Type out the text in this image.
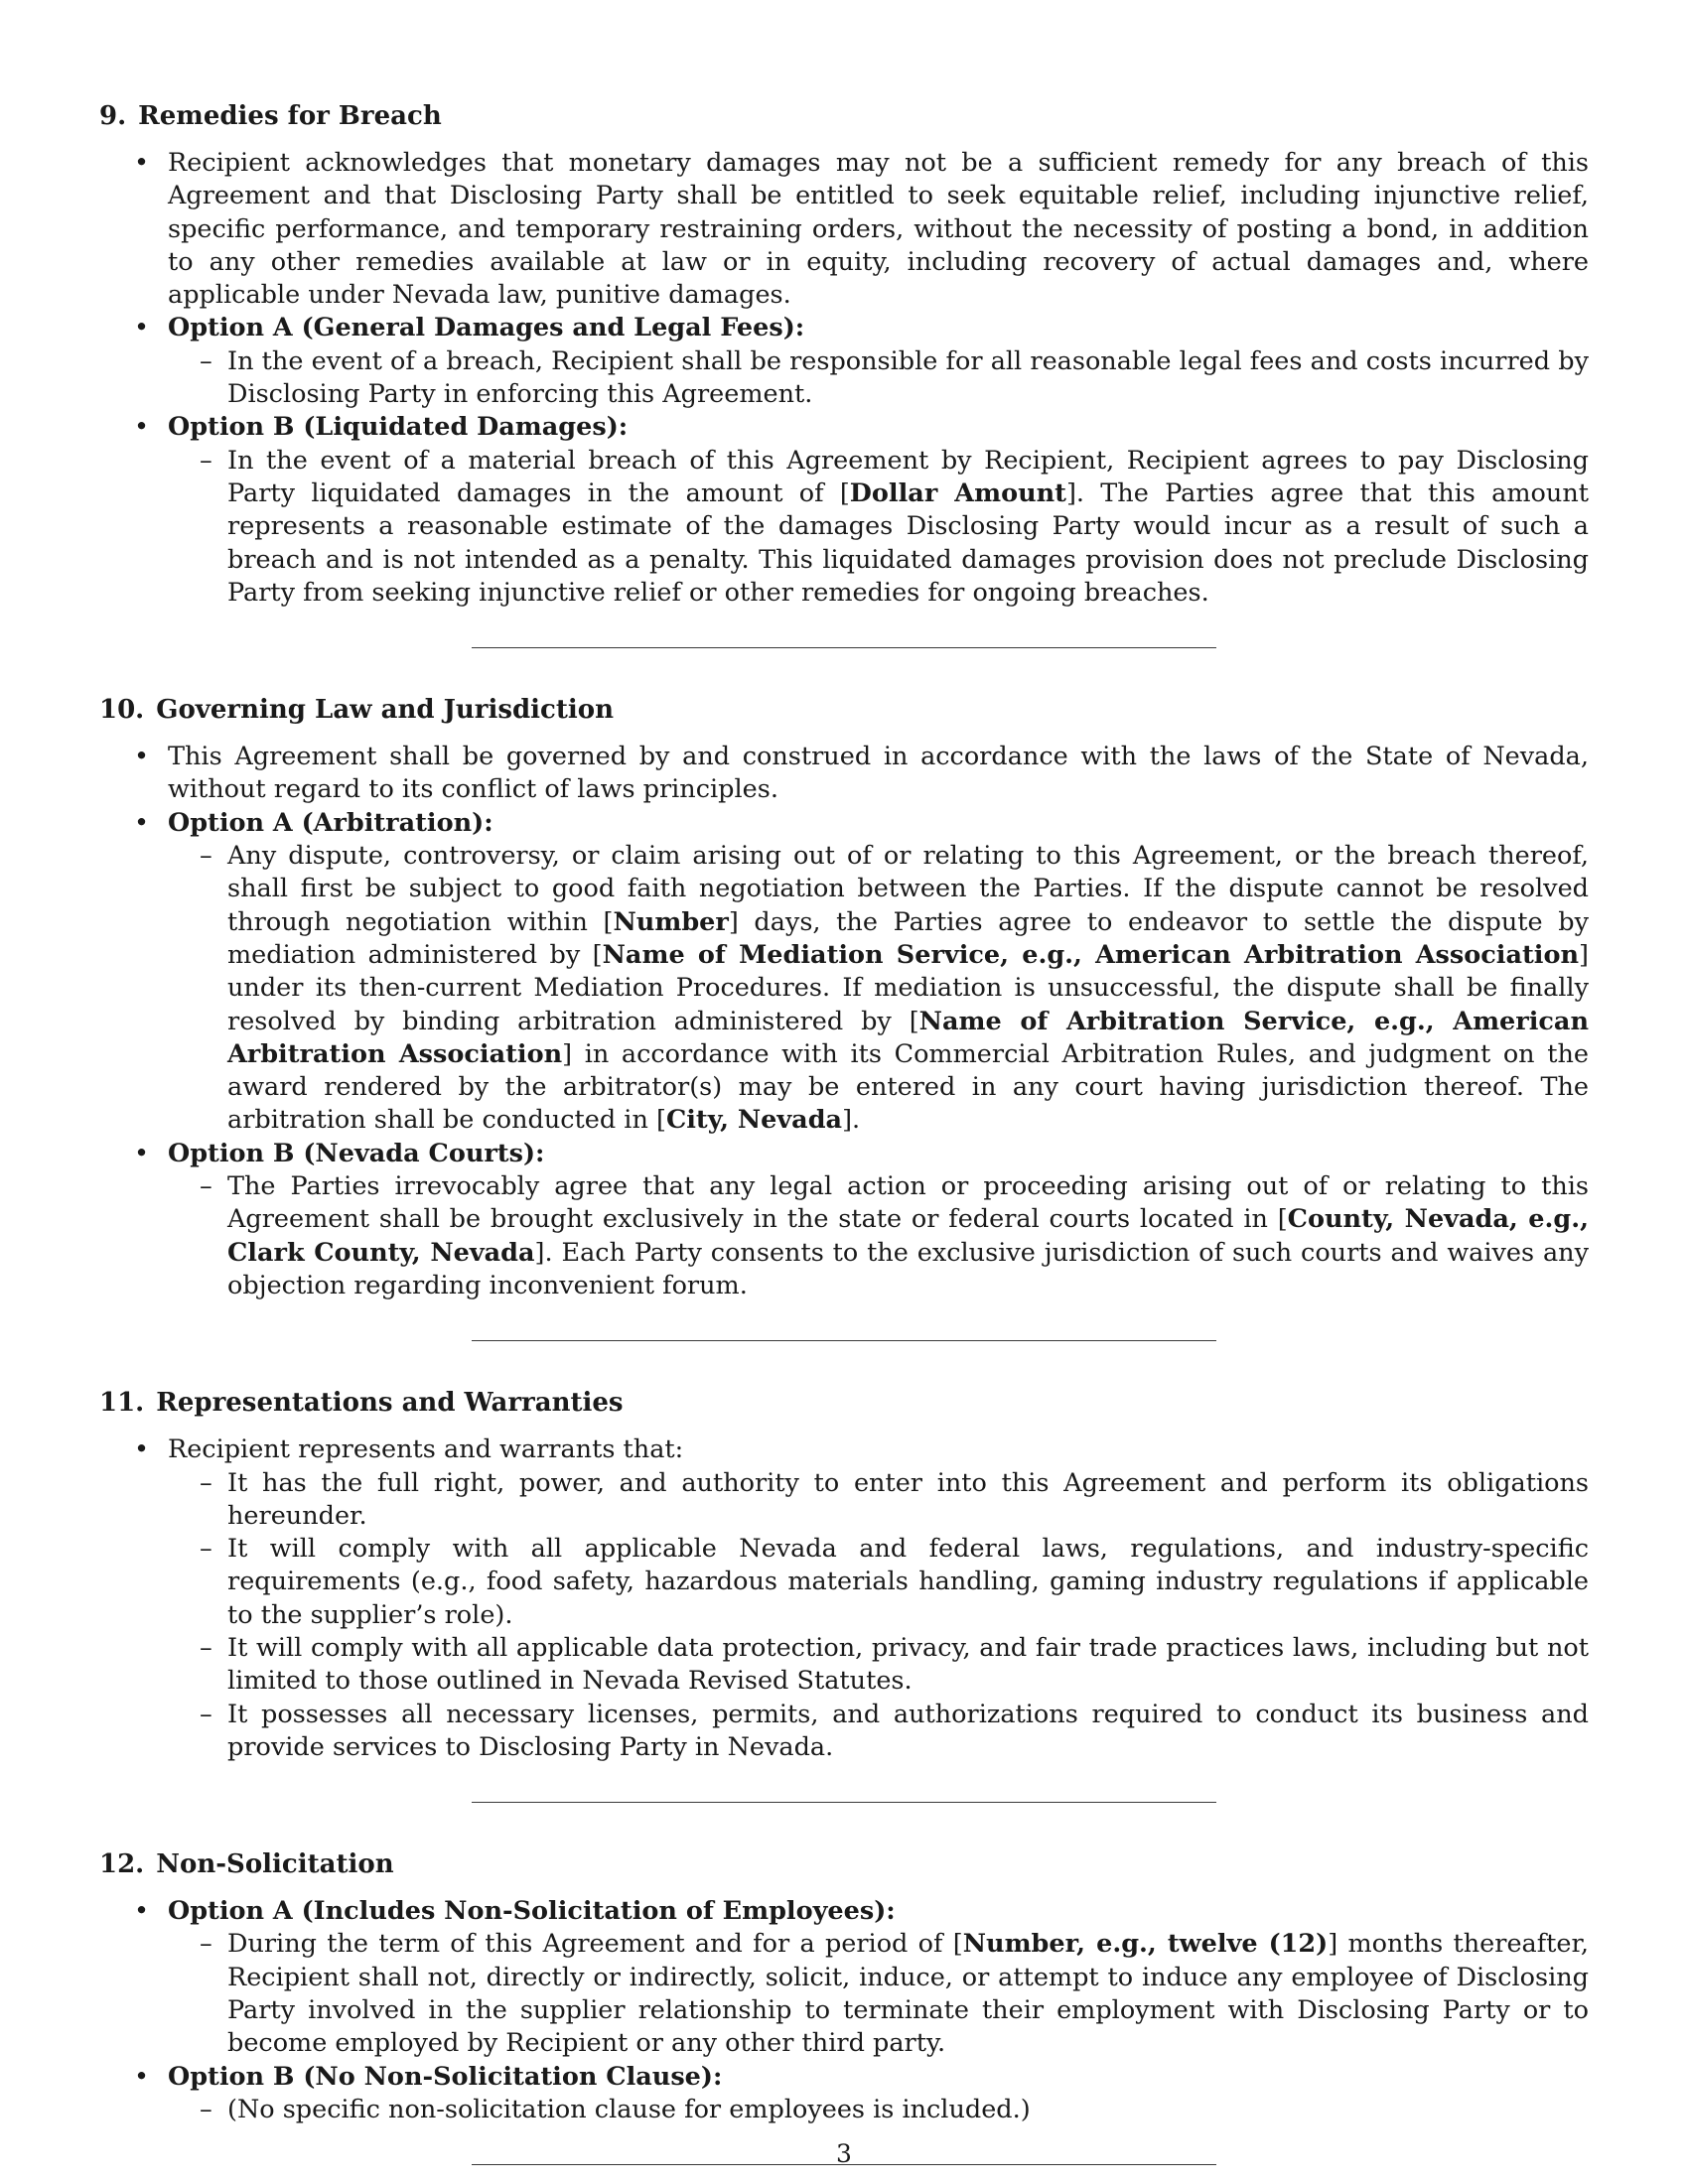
9. Remedies for Breach
• Recipient acknowledges that monetary damages may not be a sufficient remedy for any breach of this Agreement and that Disclosing Party shall be entitled to seek equitable relief, including injunctive relief, specific performance, and temporary restraining orders, without the necessity of posting a bond, in addition to any other remedies available at law or in equity, including recovery of actual damages and, where applicable under Nevada law, punitive damages.
• Option A (General Damages and Legal Fees):
– In the event of a breach, Recipient shall be responsible for all reasonable legal fees and costs incurred by Disclosing Party in enforcing this Agreement.
• Option B (Liquidated Damages):
– In the event of a material breach of this Agreement by Recipient, Recipient agrees to pay Disclosing Party liquidated damages in the amount of [Dollar Amount]. The Parties agree that this amount represents a reasonable estimate of the damages Disclosing Party would incur as a result of such a breach and is not intended as a penalty. This liquidated damages provision does not preclude Disclosing Party from seeking injunctive relief or other remedies for ongoing breaches.
10. Governing Law and Jurisdiction
• This Agreement shall be governed by and construed in accordance with the laws of the State of Nevada, without regard to its conflict of laws principles.
• Option A (Arbitration):
– Any dispute, controversy, or claim arising out of or relating to this Agreement, or the breach thereof, shall first be subject to good faith negotiation between the Parties. If the dispute cannot be resolved through negotiation within [Number] days, the Parties agree to endeavor to settle the dispute by mediation administered by [Name of Mediation Service, e.g., American Arbitration Association] under its then-current Mediation Procedures. If mediation is unsuccessful, the dispute shall be finally resolved by binding arbitration administered by [Name of Arbitration Service, e.g., American Arbitration Association] in accordance with its Commercial Arbitration Rules, and judgment on the award rendered by the arbitrator(s) may be entered in any court having jurisdiction thereof. The arbitration shall be conducted in [City, Nevada].
• Option B (Nevada Courts):
– The Parties irrevocably agree that any legal action or proceeding arising out of or relating to this Agreement shall be brought exclusively in the state or federal courts located in [County, Nevada, e.g., Clark County, Nevada]. Each Party consents to the exclusive jurisdiction of such courts and waives any objection regarding inconvenient forum.
11. Representations and Warranties
• Recipient represents and warrants that:
– It has the full right, power, and authority to enter into this Agreement and perform its obligations hereunder.
– It will comply with all applicable Nevada and federal laws, regulations, and industry-specific requirements (e.g., food safety, hazardous materials handling, gaming industry regulations if applicable to the supplier’s role).
– It will comply with all applicable data protection, privacy, and fair trade practices laws, including but not limited to those outlined in Nevada Revised Statutes.
– It possesses all necessary licenses, permits, and authorizations required to conduct its business and provide services to Disclosing Party in Nevada.
12. Non-Solicitation
• Option A (Includes Non-Solicitation of Employees):
– During the term of this Agreement and for a period of [Number, e.g., twelve (12)] months thereafter, Recipient shall not, directly or indirectly, solicit, induce, or attempt to induce any employee of Disclosing Party involved in the supplier relationship to terminate their employment with Disclosing Party or to become employed by Recipient or any other third party.
• Option B (No Non-Solicitation Clause):
– (No specific non-solicitation clause for employees is included.)
3
